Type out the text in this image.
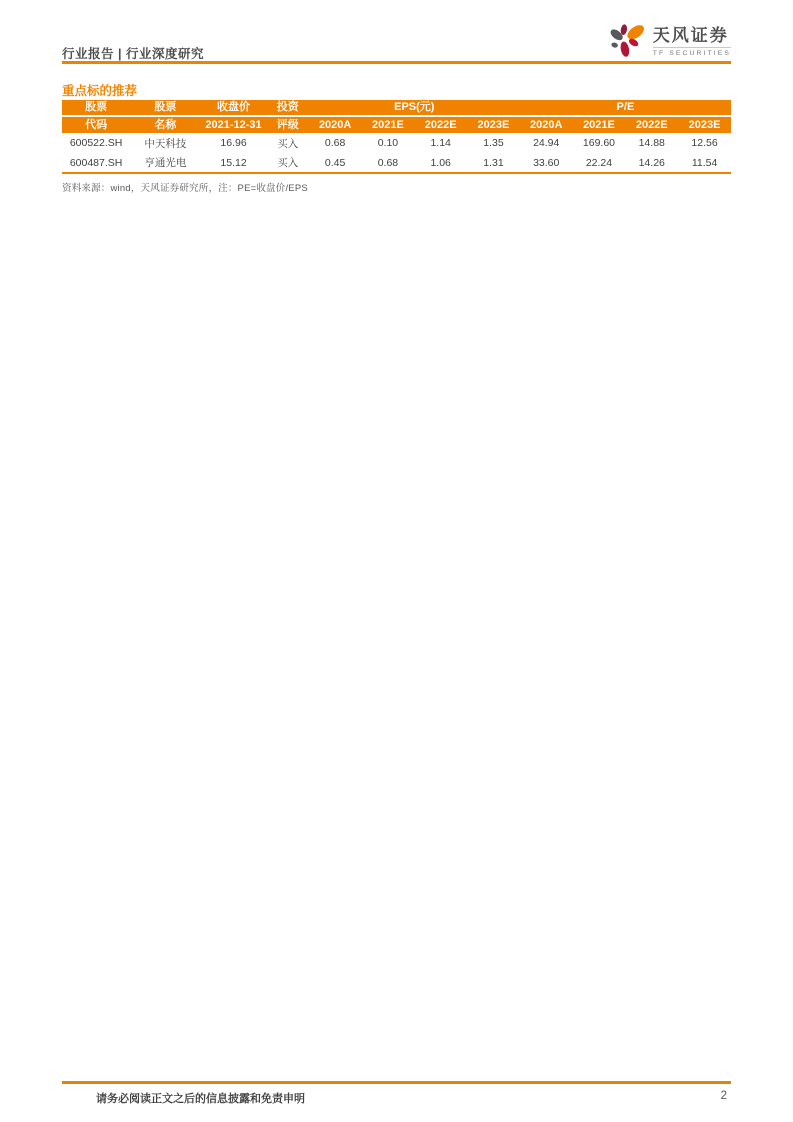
行业报告 | 行业深度研究
天风证券
TF SECURITIES
重点标的推荐
股票	股票	收盘价	投资	EPS(元)				P/E			
代码	名称	2021-12-31	评级	2020A	2021E	2022E	2023E	2020A	2021E	2022E	2023E
600522.SH	中天科技	16.96	买入	0.68	0.10	1.14	1.35	24.94	169.60	14.88	12.56
600487.SH	亨通光电	15.12	买入	0.45	0.68	1.06	1.31	33.60	22.24	14.26	11.54
资料来源：wind，天风证券研究所，注：PE=收盘价/EPS
请务必阅读正文之后的信息披露和免责申明	2
